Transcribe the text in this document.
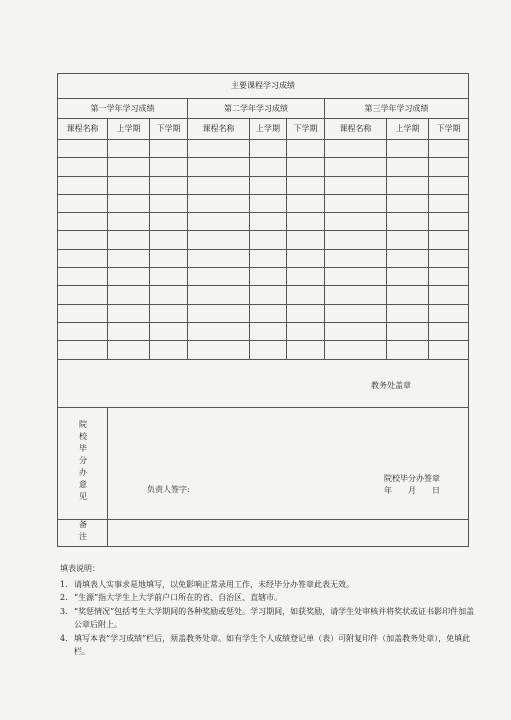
主要课程学习成绩								
第一学年学习成绩			第二学年学习成绩			第三学年学习成绩		
课程名称	上学期	下学期	课程名称	上学期	下学期	课程名称	上学期	下学期

教务处盖章								

院校毕分办意见	负责人签字:
院校毕分办签章
年　　月　　日							

备注								
填表说明：
1. 请填表人实事求是地填写，以免影响正常录用工作，未经毕分办签章此表无效。
2. “生源”指大学生上大学前户口所在的省、自治区、直辖市。
3. “奖惩情况”包括考生大学期间的各种奖励或惩处。学习期间，如获奖励，请学生处审核并将奖状或证书影印件加盖公章后附上。
4. 填写本表“学习成绩”栏后，须盖教务处章。如有学生个人成绩登记单（表）可附复印件（加盖教务处章），免填此栏。
